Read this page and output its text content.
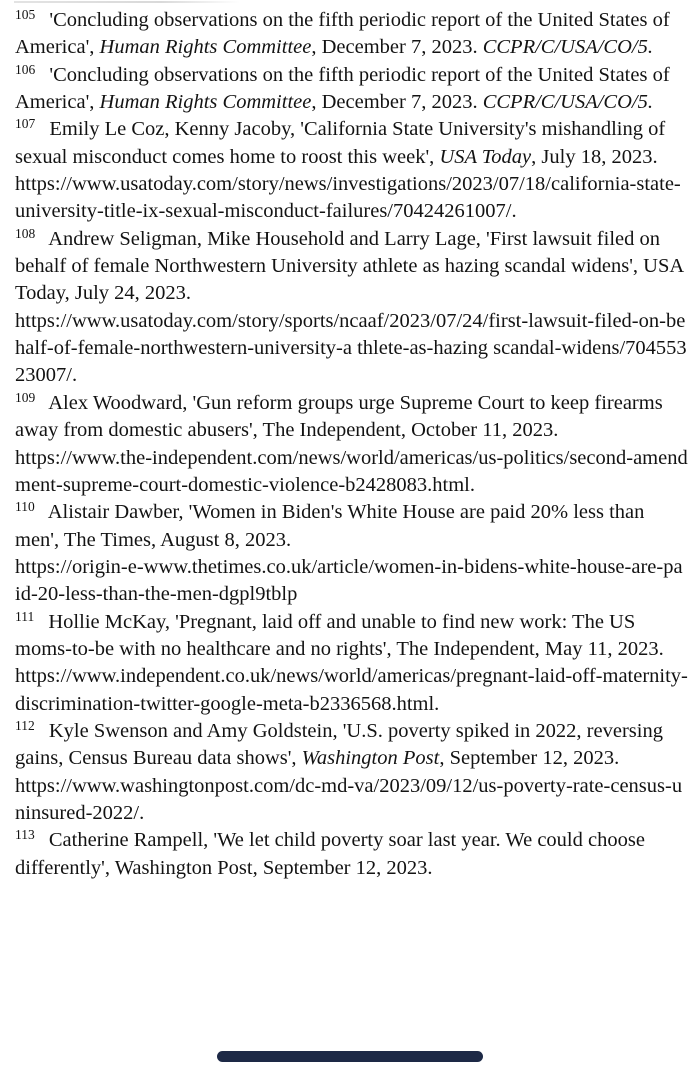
$^{105}$ 'Concluding observations on the fifth periodic report of the United States of America', Human Rights Committee, December 7, 2023. CCPR/C/USA/CO/5.

$^{106}$ 'Concluding observations on the fifth periodic report of the United States of America', Human Rights Committee, December 7, 2023. CCPR/C/USA/CO/5.

$^{107}$ Emily Le Coz, Kenny Jacoby, 'California State University's mishandling of sexual misconduct comes home to roost this week', USA Today, July 18, 2023.
https://www.usatoday.com/story/news/investigations/2023/07/18/california-state-university-title-ix-sexual-misconduct-failures/70424261007/.

$^{108}$ Andrew Seligman, Mike Household and Larry Lage, 'First lawsuit filed on behalf of female Northwestern University athlete as hazing scandal widens', USA Today, July 24, 2023.
https://www.usatoday.com/story/sports/ncaaf/2023/07/24/first-lawsuit-filed-on-behalf-of-female-northwestern-university-a thlete-as-hazing scandal-widens/70455323007/.

$^{109}$ Alex Woodward, 'Gun reform groups urge Supreme Court to keep firearms away from domestic abusers', The Independent, October 11, 2023.
https://www.the-independent.com/news/world/americas/us-politics/second-amendment-supreme-court-domestic-violence-b2428083.html.

$^{110}$ Alistair Dawber, 'Women in Biden's White House are paid 20% less than men', The Times, August 8, 2023.
https://origin-e-www.thetimes.co.uk/article/women-in-bidens-white-house-are-paid-20-less-than-the-men-dgpl9tblp

$^{111}$ Hollie McKay, 'Pregnant, laid off and unable to find new work: The US moms-to-be with no healthcare and no rights', The Independent, May 11, 2023.
https://www.independent.co.uk/news/world/americas/pregnant-laid-off-maternity-discrimination-twitter-google-meta-b2336568.html.

$^{112}$ Kyle Swenson and Amy Goldstein, 'U.S. poverty spiked in 2022, reversing gains, Census Bureau data shows', Washington Post, September 12, 2023.
https://www.washingtonpost.com/dc-md-va/2023/09/12/us-poverty-rate-census-uninsured-2022/.

$^{113}$ Catherine Rampell, 'We let child poverty soar last year. We could choose differently', Washington Post, September 12, 2023.
